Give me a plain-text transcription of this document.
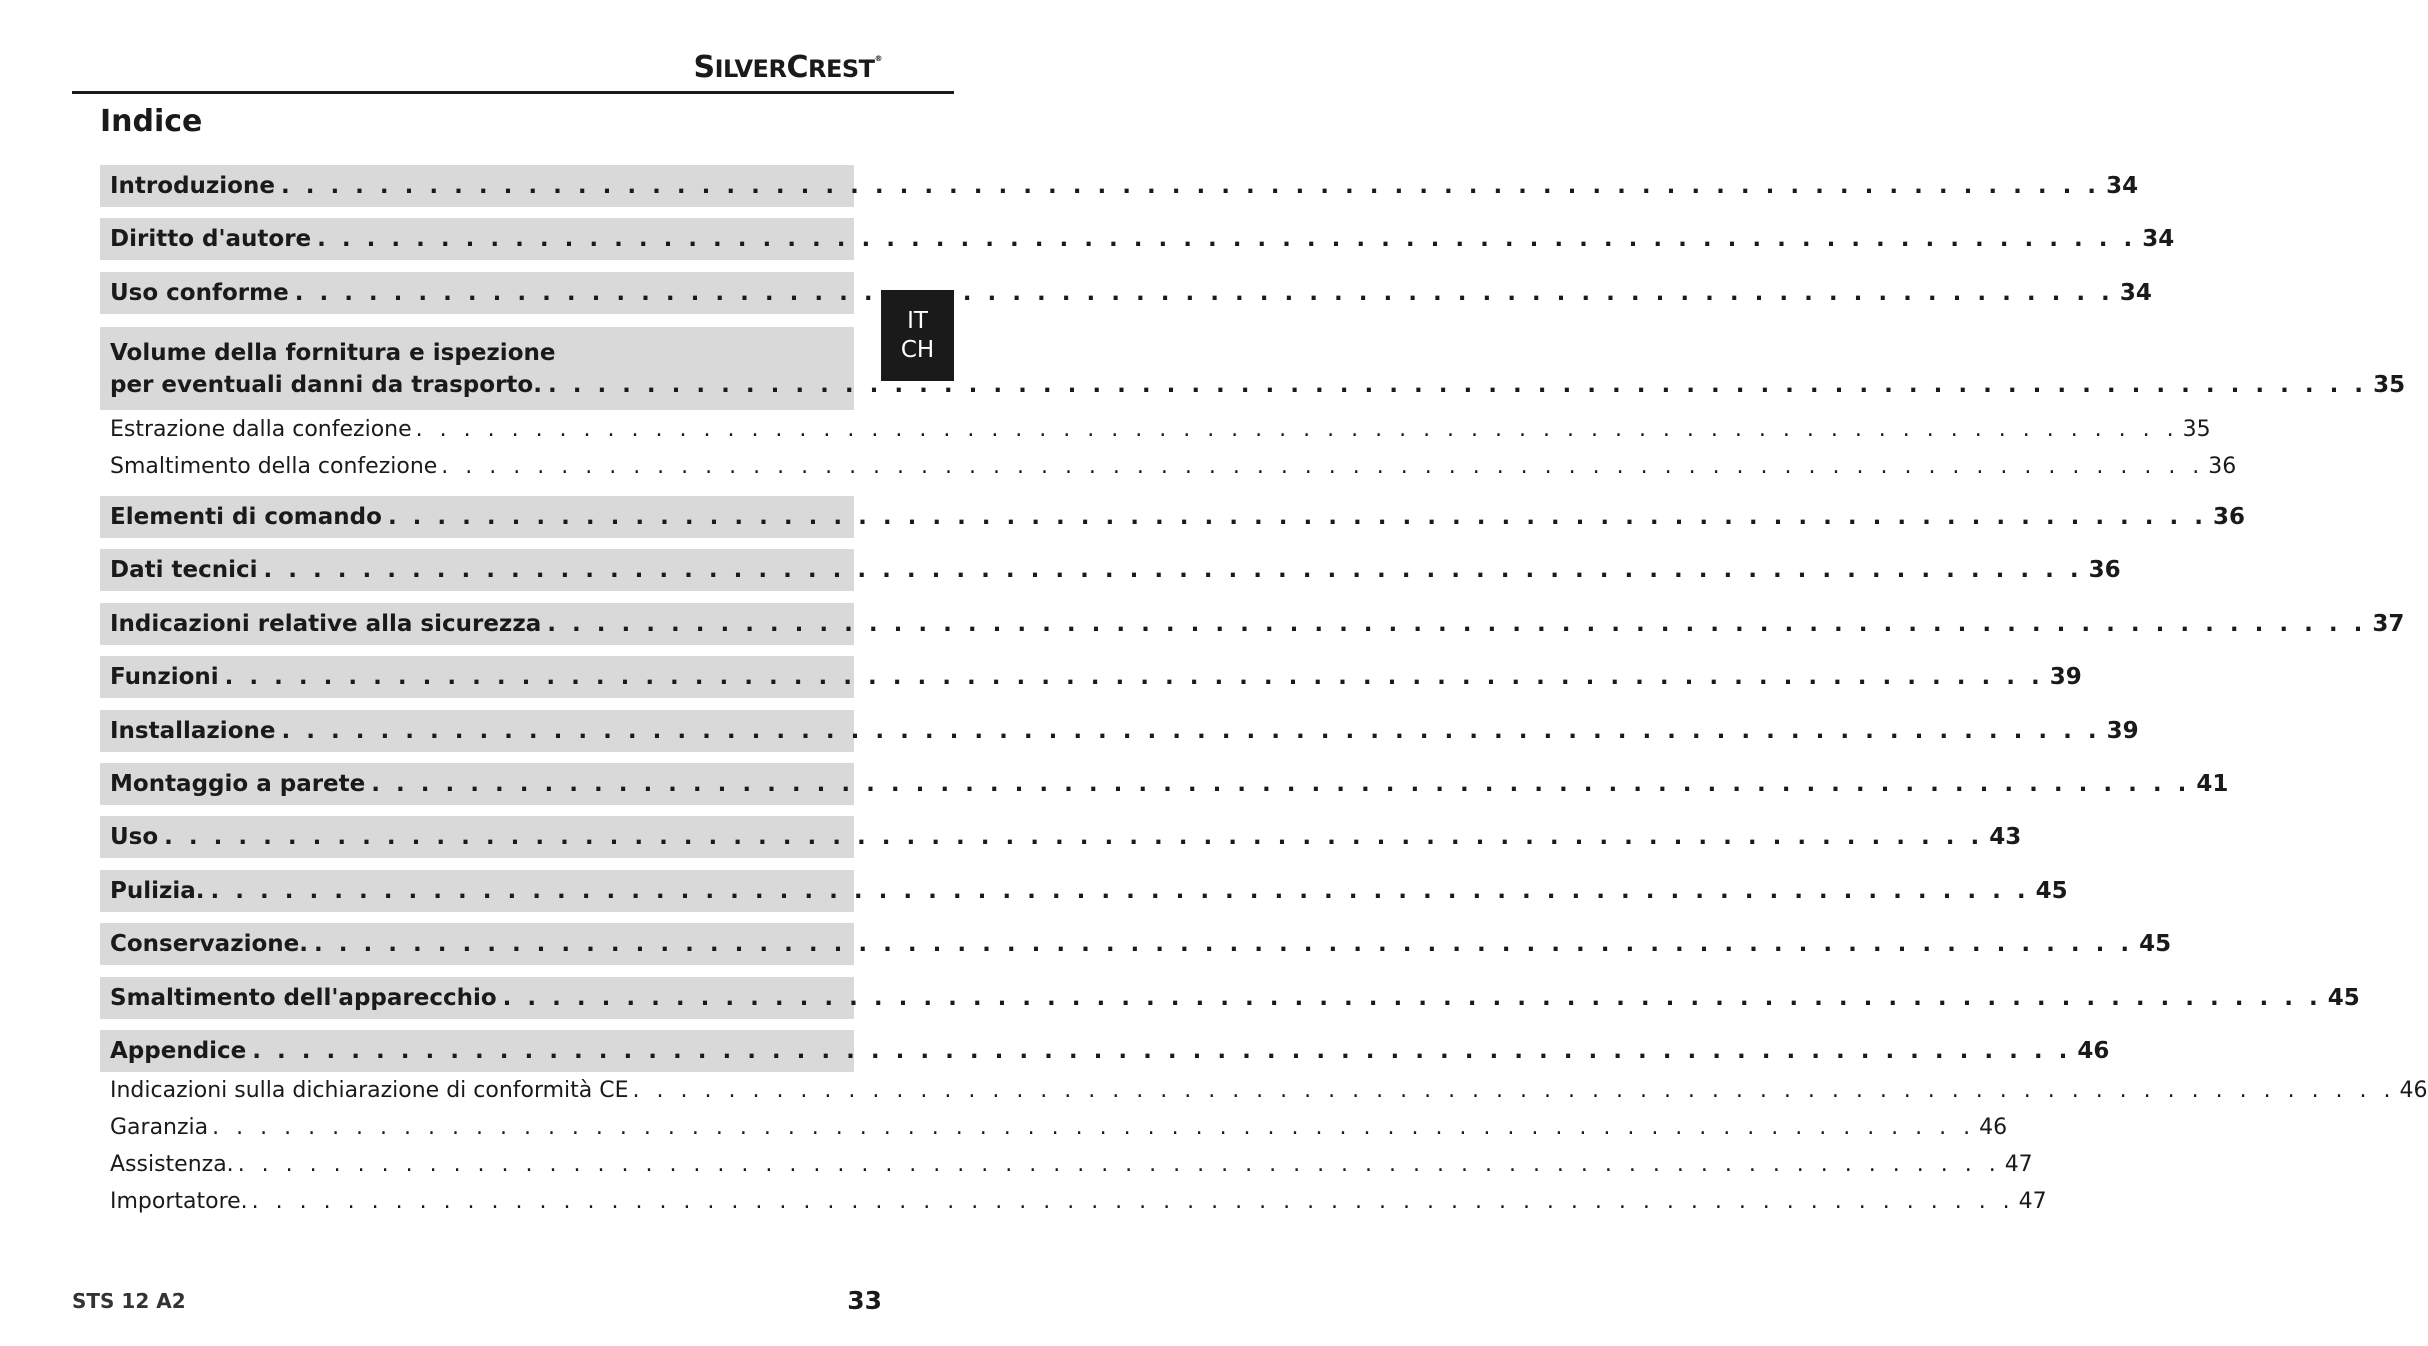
SILVERCREST®
Indice
IT
CH
Introduzione . . . . . . . . . . . . . . . . . . . . . . . . . . . . . . . . . . . . . . . . . . . . . . . . . . . . . . . . . . . . . . . . . . . . . . . . . . 34
Diritto d'autore . . . . . . . . . . . . . . . . . . . . . . . . . . . . . . . . . . . . . . . . . . . . . . . . . . . . . . . . . . . . . . . . . . . . . . . . . . 34
Uso conforme . . . . . . . . . . . . . . . . . . . . . . . . . . . . . . . . . . . . . . . . . . . . . . . . . . . . . . . . . . . . . . . . . . . . . . . . . . 34
Volume della fornitura e ispezione
per eventuali danni da trasporto. . . . . . . . . . . . . . . . . . . . . . . . . . . . . . . . . . . . . . . . . . . . . . . . . . . . . . . . . . . . . . . . . . . . . . . . . . . 35
Estrazione dalla confezione . . . . . . . . . . . . . . . . . . . . . . . . . . . . . . . . . . . . . . . . . . . . . . . . . . . . . . . . . . . . . . . . . . . . . . . . . . 35
Smaltimento della confezione . . . . . . . . . . . . . . . . . . . . . . . . . . . . . . . . . . . . . . . . . . . . . . . . . . . . . . . . . . . . . . . . . . . . . . . . . . 36
Elementi di comando . . . . . . . . . . . . . . . . . . . . . . . . . . . . . . . . . . . . . . . . . . . . . . . . . . . . . . . . . . . . . . . . . . . . . . . . . . 36
Dati tecnici . . . . . . . . . . . . . . . . . . . . . . . . . . . . . . . . . . . . . . . . . . . . . . . . . . . . . . . . . . . . . . . . . . . . . . . . . . 36
Indicazioni relative alla sicurezza . . . . . . . . . . . . . . . . . . . . . . . . . . . . . . . . . . . . . . . . . . . . . . . . . . . . . . . . . . . . . . . . . . . . . . . . . . 37
Funzioni . . . . . . . . . . . . . . . . . . . . . . . . . . . . . . . . . . . . . . . . . . . . . . . . . . . . . . . . . . . . . . . . . . . . . . . . . . 39
Installazione . . . . . . . . . . . . . . . . . . . . . . . . . . . . . . . . . . . . . . . . . . . . . . . . . . . . . . . . . . . . . . . . . . . . . . . . . . 39
Montaggio a parete . . . . . . . . . . . . . . . . . . . . . . . . . . . . . . . . . . . . . . . . . . . . . . . . . . . . . . . . . . . . . . . . . . . . . . . . . . 41
Uso . . . . . . . . . . . . . . . . . . . . . . . . . . . . . . . . . . . . . . . . . . . . . . . . . . . . . . . . . . . . . . . . . . . . . . . . . . 43
Pulizia. . . . . . . . . . . . . . . . . . . . . . . . . . . . . . . . . . . . . . . . . . . . . . . . . . . . . . . . . . . . . . . . . . . . . . . . . . . 45
Conservazione. . . . . . . . . . . . . . . . . . . . . . . . . . . . . . . . . . . . . . . . . . . . . . . . . . . . . . . . . . . . . . . . . . . . . . . . . . . 45
Smaltimento dell'apparecchio . . . . . . . . . . . . . . . . . . . . . . . . . . . . . . . . . . . . . . . . . . . . . . . . . . . . . . . . . . . . . . . . . . . . . . . . . . 45
Appendice . . . . . . . . . . . . . . . . . . . . . . . . . . . . . . . . . . . . . . . . . . . . . . . . . . . . . . . . . . . . . . . . . . . . . . . . . . 46
Indicazioni sulla dichiarazione di conformità CE . . . . . . . . . . . . . . . . . . . . . . . . . . . . . . . . . . . . . . . . . . . . . . . . . . . . . . . . . . . . . . . . . . . . . . . . . . 46
Garanzia . . . . . . . . . . . . . . . . . . . . . . . . . . . . . . . . . . . . . . . . . . . . . . . . . . . . . . . . . . . . . . . . . . . . . . . . . . 46
Assistenza. . . . . . . . . . . . . . . . . . . . . . . . . . . . . . . . . . . . . . . . . . . . . . . . . . . . . . . . . . . . . . . . . . . . . . . . . . . 47
Importatore. . . . . . . . . . . . . . . . . . . . . . . . . . . . . . . . . . . . . . . . . . . . . . . . . . . . . . . . . . . . . . . . . . . . . . . . . . . 47
STS 12 A2	33
